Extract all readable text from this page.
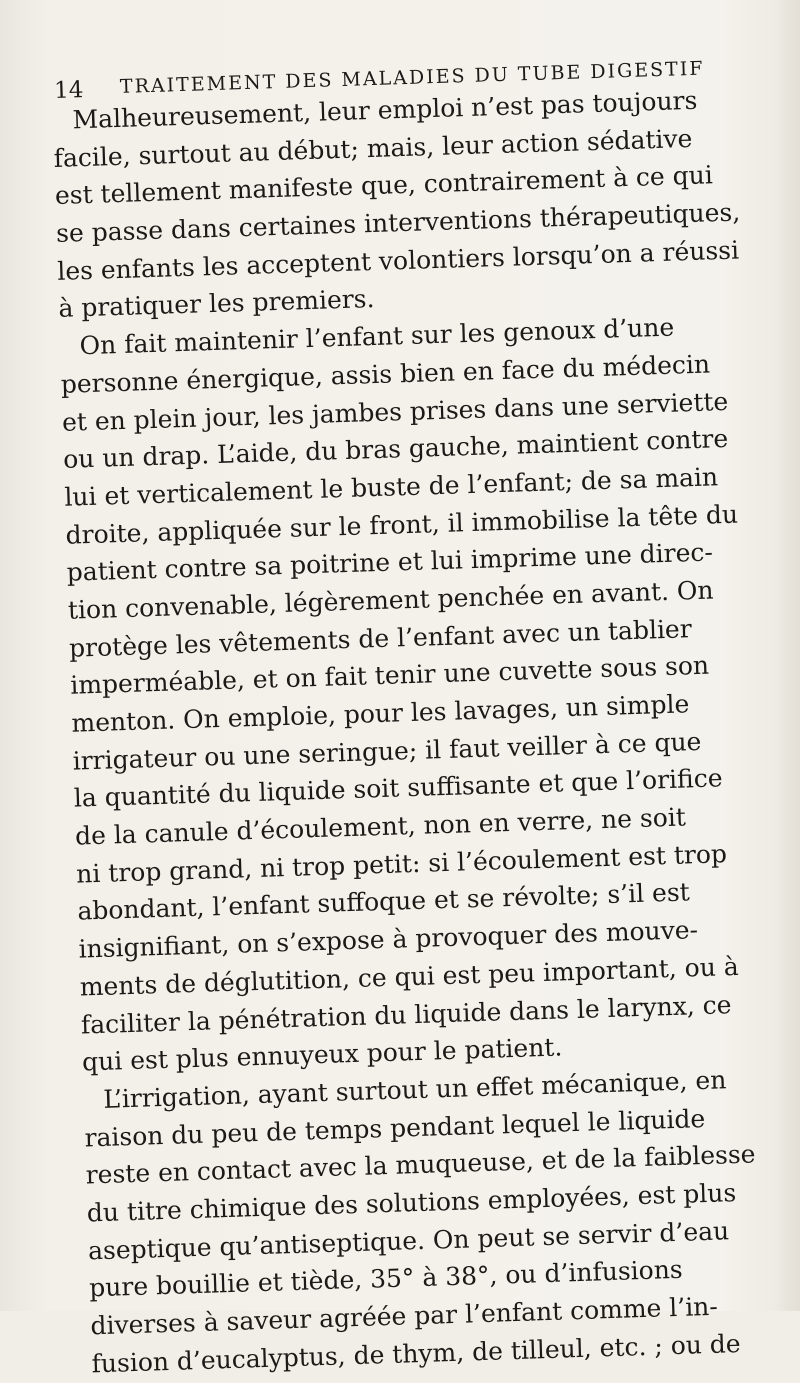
14 TRAITEMENT DES MALADIES DU TUBE DIGESTIF
Malheureusement, leur emploi n’est pas toujours
facile, surtout au début; mais, leur action sédative
est tellement manifeste que, contrairement à ce qui
se passe dans certaines interventions thérapeutiques,
les enfants les acceptent volontiers lorsqu’on a réussi
à pratiquer les premiers.
On fait maintenir l’enfant sur les genoux d’une
personne énergique, assis bien en face du médecin
et en plein jour, les jambes prises dans une serviette
ou un drap. L’aide, du bras gauche, maintient contre
lui et verticalement le buste de l’enfant; de sa main
droite, appliquée sur le front, il immobilise la tête du
patient contre sa poitrine et lui imprime une direc-
tion convenable, légèrement penchée en avant. On
protège les vêtements de l’enfant avec un tablier
imperméable, et on fait tenir une cuvette sous son
menton. On emploie, pour les lavages, un simple
irrigateur ou une seringue; il faut veiller à ce que
la quantité du liquide soit suffisante et que l’orifice
de la canule d’écoulement, non en verre, ne soit
ni trop grand, ni trop petit: si l’écoulement est trop
abondant, l’enfant suffoque et se révolte; s’il est
insignifiant, on s’expose à provoquer des mouve-
ments de déglutition, ce qui est peu important, ou à
faciliter la pénétration du liquide dans le larynx, ce
qui est plus ennuyeux pour le patient.
L’irrigation, ayant surtout un effet mécanique, en
raison du peu de temps pendant lequel le liquide
reste en contact avec la muqueuse, et de la faiblesse
du titre chimique des solutions employées, est plus
aseptique qu’antiseptique. On peut se servir d’eau
pure bouillie et tiède, 35° à 38°, ou d’infusions
diverses à saveur agréée par l’enfant comme l’in-
fusion d’eucalyptus, de thym, de tilleul, etc. ; ou de
